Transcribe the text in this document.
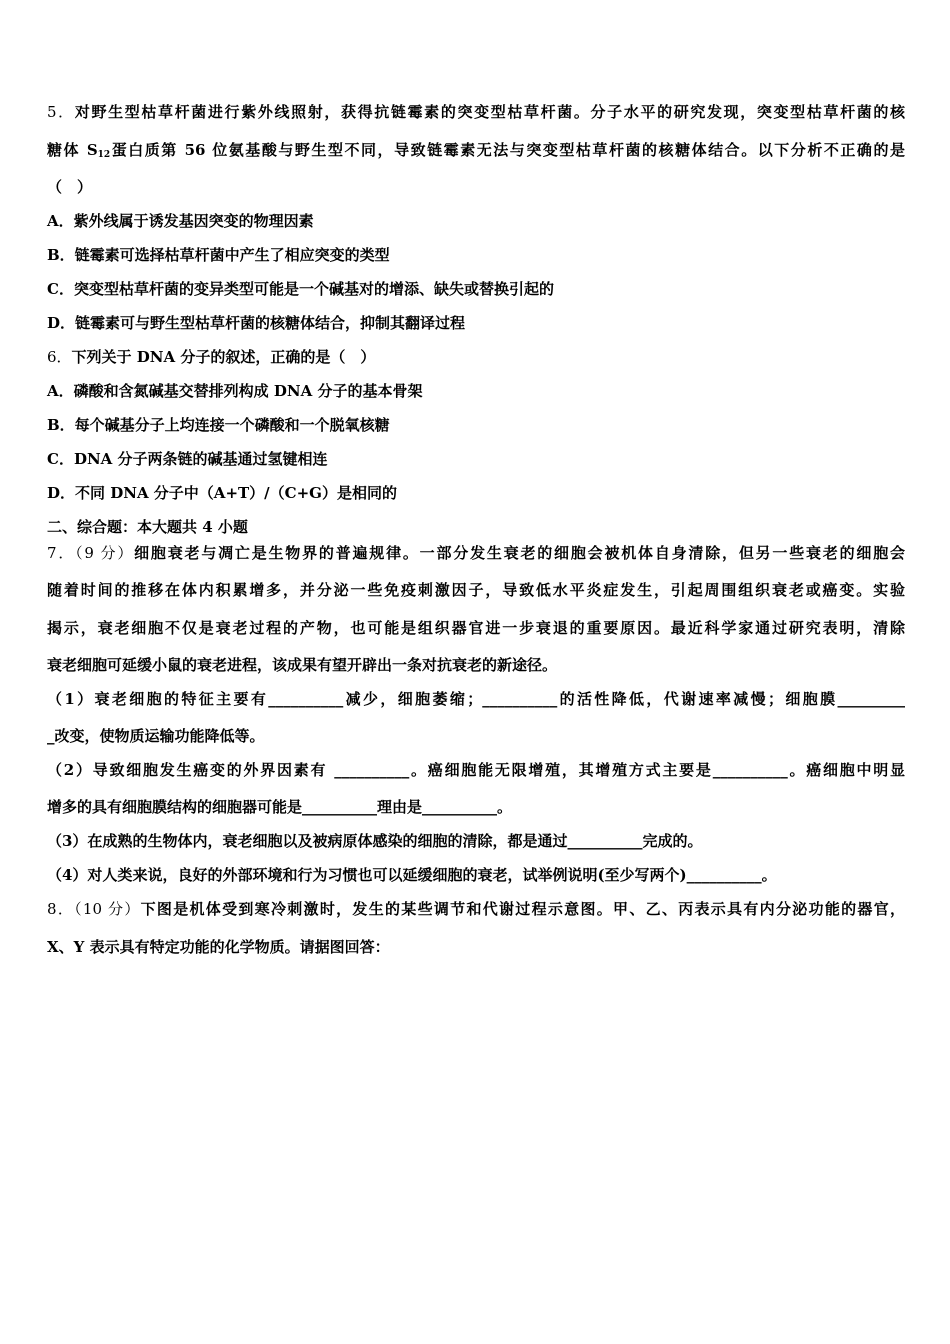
5．对野生型枯草杆菌进行紫外线照射，获得抗链霉素的突变型枯草杆菌。分子水平的研究发现，突变型枯草杆菌的核
糖体 $S_{12}$蛋白质第 56 位氨基酸与野生型不同，导致链霉素无法与突变型枯草杆菌的核糖体结合。以下分析不正确的是
（　）
A．紫外线属于诱发基因突变的物理因素
B．链霉素可选择枯草杆菌中产生了相应突变的类型
C．突变型枯草杆菌的变异类型可能是一个碱基对的增添、缺失或替换引起的
D．链霉素可与野生型枯草杆菌的核糖体结合，抑制其翻译过程
6．下列关于 DNA 分子的叙述，正确的是（　）
A．磷酸和含氮碱基交替排列构成 DNA 分子的基本骨架
B．每个碱基分子上均连接一个磷酸和一个脱氧核糖
C．DNA 分子两条链的碱基通过氢键相连
D．不同 DNA 分子中（A+T）/（C+G）是相同的
二、综合题：本大题共 4 小题
7．（9 分）细胞衰老与凋亡是生物界的普遍规律。一部分发生衰老的细胞会被机体自身清除，但另一些衰老的细胞会
随着时间的推移在体内积累增多，并分泌一些免疫刺激因子，导致低水平炎症发生，引起周围组织衰老或癌变。实验
揭示，衰老细胞不仅是衰老过程的产物，也可能是组织器官进一步衰退的重要原因。最近科学家通过研究表明，清除
衰老细胞可延缓小鼠的衰老进程，该成果有望开辟出一条对抗衰老的新途径。
（1）衰老细胞的特征主要有__________减少，细胞萎缩；__________的活性降低，代谢速率减慢；细胞膜_________
_改变，使物质运输功能降低等。
（2）导致细胞发生癌变的外界因素有 __________。癌细胞能无限增殖，其增殖方式主要是__________。癌细胞中明显
增多的具有细胞膜结构的细胞器可能是__________理由是__________。
（3）在成熟的生物体内，衰老细胞以及被病原体感染的细胞的清除，都是通过__________完成的。
（4）对人类来说，良好的外部环境和行为习惯也可以延缓细胞的衰老，试举例说明(至少写两个)__________。
8．（10 分）下图是机体受到寒冷刺激时，发生的某些调节和代谢过程示意图。甲、乙、丙表示具有内分泌功能的器官，
X、Y 表示具有特定功能的化学物质。请据图回答：
